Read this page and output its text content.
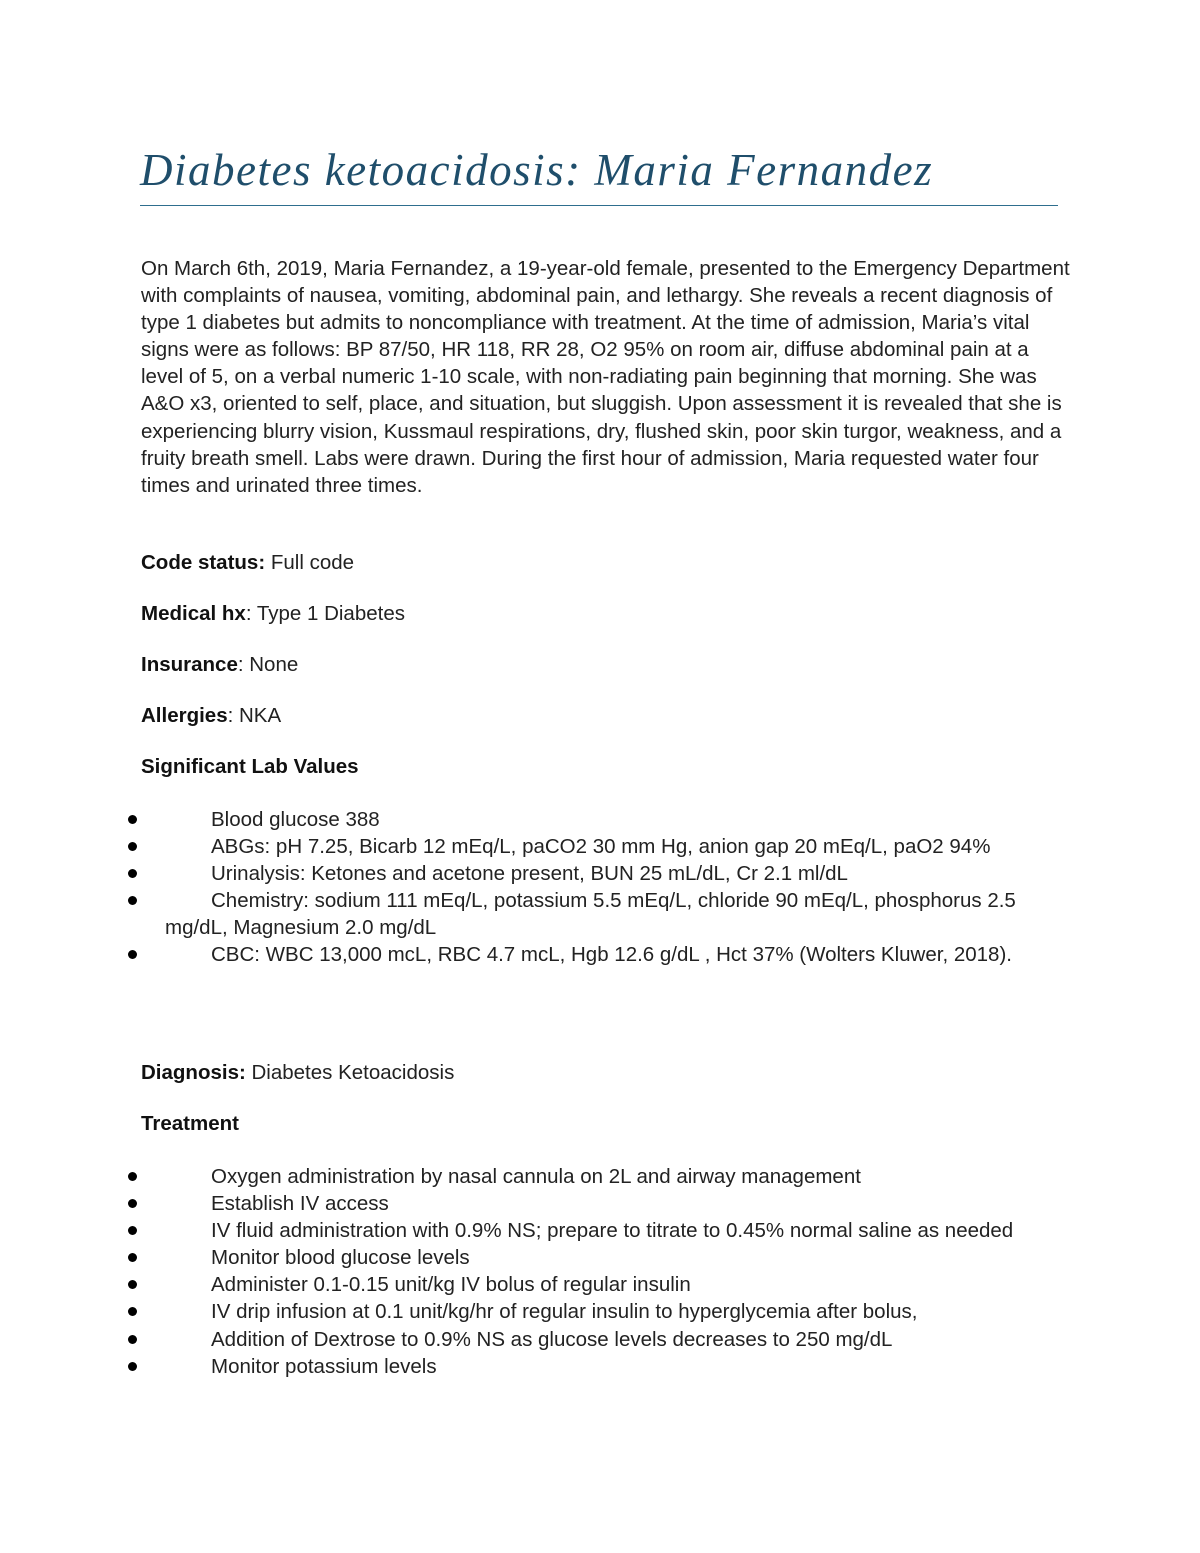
Diabetes ketoacidosis: Maria Fernandez

On March 6th, 2019, Maria Fernandez, a 19-year-old female, presented to the Emergency Department with complaints of nausea, vomiting, abdominal pain, and lethargy. She reveals a recent diagnosis of type 1 diabetes but admits to noncompliance with treatment. At the time of admission, Maria’s vital signs were as follows: BP 87/50, HR 118, RR 28, O2 95% on room air, diffuse abdominal pain at a level of 5, on a verbal numeric 1-10 scale, with non-radiating pain beginning that morning. She was A&O x3, oriented to self, place, and situation, but sluggish. Upon assessment it is revealed that she is experiencing blurry vision, Kussmaul respirations, dry, flushed skin, poor skin turgor, weakness, and a fruity breath smell. Labs were drawn. During the first hour of admission, Maria requested water four times and urinated three times.

Code status: Full code

Medical hx: Type 1 Diabetes

Insurance: None

Allergies: NKA

Significant Lab Values

Blood glucose 388
ABGs: pH 7.25, Bicarb 12 mEq/L, paCO2 30 mm Hg, anion gap 20 mEq/L, paO2 94%
Urinalysis: Ketones and acetone present, BUN 25 mL/dL, Cr 2.1 ml/dL
Chemistry: sodium 111 mEq/L, potassium 5.5 mEq/L, chloride 90 mEq/L, phosphorus 2.5 mg/dL, Magnesium 2.0 mg/dL
CBC: WBC 13,000 mcL, RBC 4.7 mcL, Hgb 12.6 g/dL , Hct 37% (Wolters Kluwer, 2018).

Diagnosis: Diabetes Ketoacidosis

Treatment

Oxygen administration by nasal cannula on 2L and airway management
Establish IV access
IV fluid administration with 0.9% NS; prepare to titrate to 0.45% normal saline as needed
Monitor blood glucose levels
Administer 0.1-0.15 unit/kg IV bolus of regular insulin
IV drip infusion at 0.1 unit/kg/hr of regular insulin to hyperglycemia after bolus,
Addition of Dextrose to 0.9% NS as glucose levels decreases to 250 mg/dL
Monitor potassium levels
